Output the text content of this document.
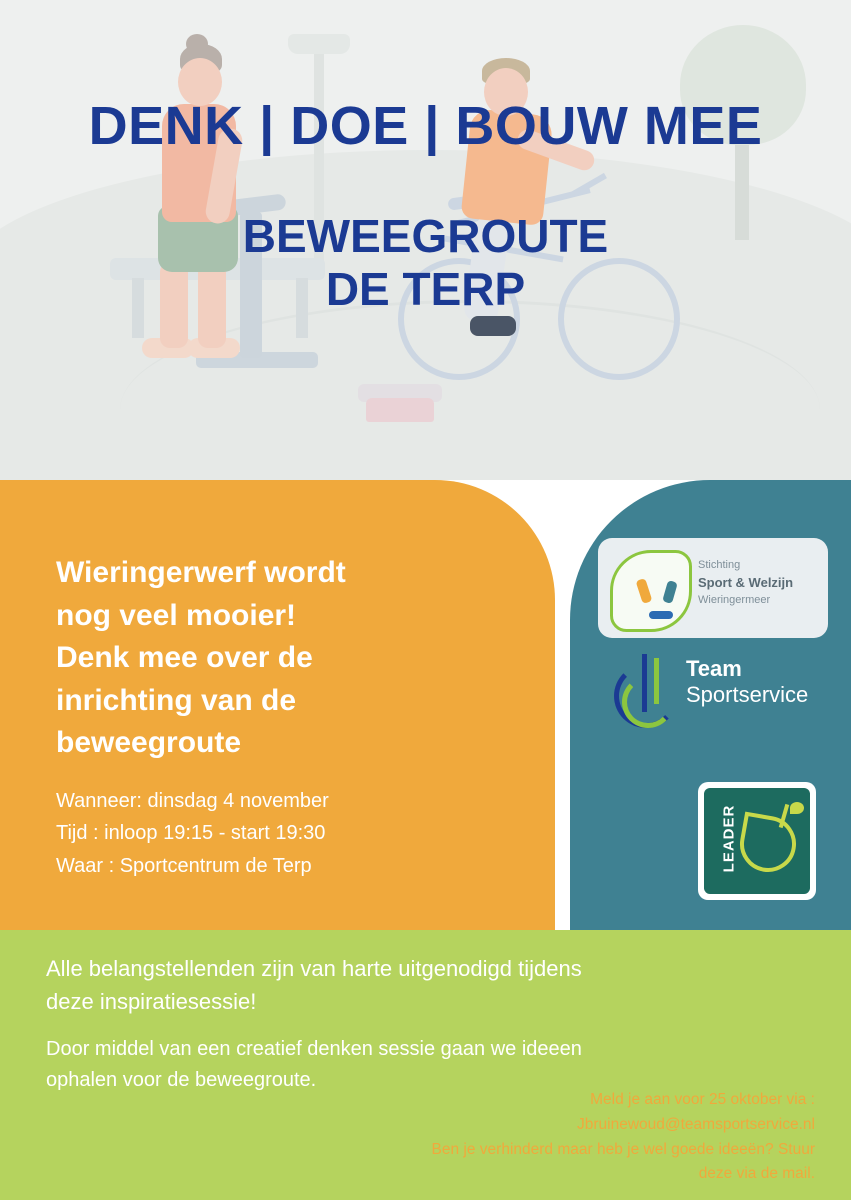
DENK | DOE | BOUW MEE
BEWEEGROUTE
DE TERP
Wieringerwerf wordt
nog veel mooier!
Denk mee over de
inrichting van de
beweegroute
Wanneer: dinsdag 4 november
Tijd : inloop 19:15 - start 19:30
Waar : Sportcentrum de Terp
Stichting
Sport & Welzijn
Wieringermeer
Team
Sportservice
LEADER
Alle belangstellenden zijn van harte uitgenodigd tijdens
deze inspiratiesessie!
Door middel van een creatief denken sessie gaan we ideeen
ophalen voor de beweegroute.
Meld je aan voor 25 oktober via :
Jbruinewoud@teamsportservice.nl
Ben je verhinderd maar heb je wel goede ideeën? Stuur
deze via de mail.
